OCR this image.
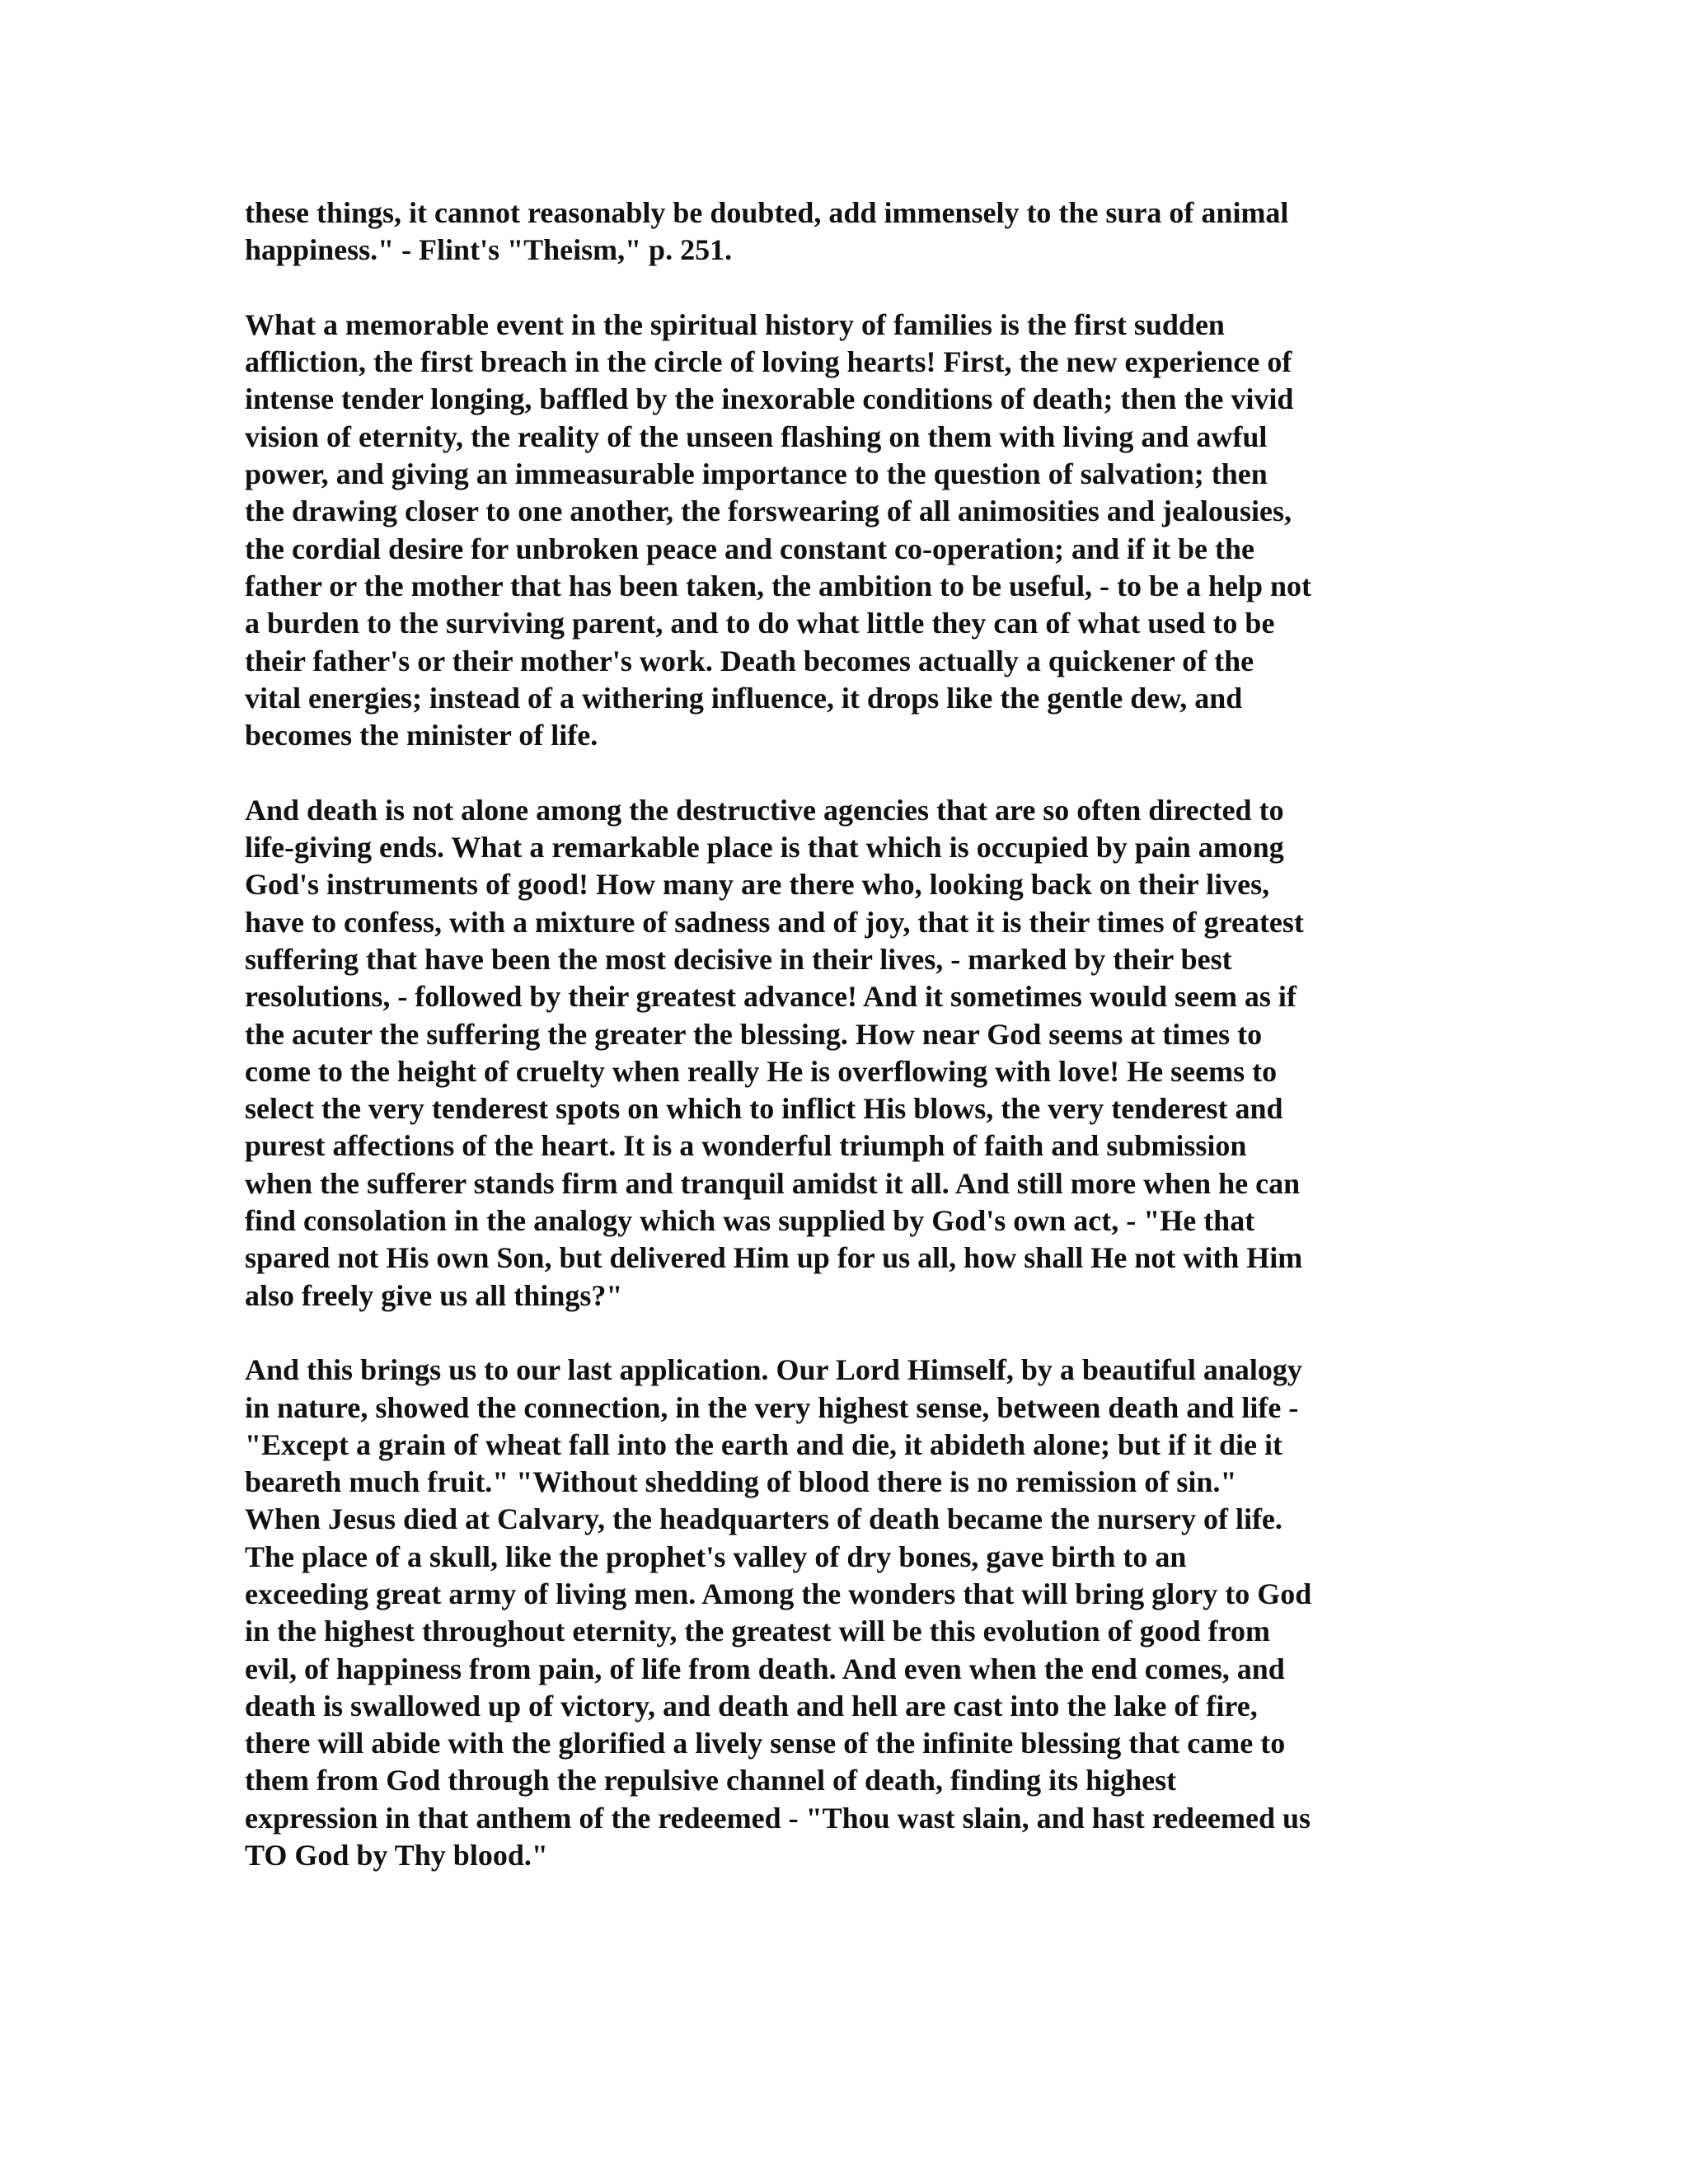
these things, it cannot reasonably be doubted, add immensely to the sura of animal
happiness." - Flint's "Theism," p. 251.

What a memorable event in the spiritual history of families is the first sudden
affliction, the first breach in the circle of loving hearts! First, the new experience of
intense tender longing, baffled by the inexorable conditions of death; then the vivid
vision of eternity, the reality of the unseen flashing on them with living and awful
power, and giving an immeasurable importance to the question of salvation; then
the drawing closer to one another, the forswearing of all animosities and jealousies,
the cordial desire for unbroken peace and constant co-operation; and if it be the
father or the mother that has been taken, the ambition to be useful, - to be a help not
a burden to the surviving parent, and to do what little they can of what used to be
their father's or their mother's work. Death becomes actually a quickener of the
vital energies; instead of a withering influence, it drops like the gentle dew, and
becomes the minister of life.

And death is not alone among the destructive agencies that are so often directed to
life-giving ends. What a remarkable place is that which is occupied by pain among
God's instruments of good! How many are there who, looking back on their lives,
have to confess, with a mixture of sadness and of joy, that it is their times of greatest
suffering that have been the most decisive in their lives, - marked by their best
resolutions, - followed by their greatest advance! And it sometimes would seem as if
the acuter the suffering the greater the blessing. How near God seems at times to
come to the height of cruelty when really He is overflowing with love! He seems to
select the very tenderest spots on which to inflict His blows, the very tenderest and
purest affections of the heart. It is a wonderful triumph of faith and submission
when the sufferer stands firm and tranquil amidst it all. And still more when he can
find consolation in the analogy which was supplied by God's own act, - "He that
spared not His own Son, but delivered Him up for us all, how shall He not with Him
also freely give us all things?"

And this brings us to our last application. Our Lord Himself, by a beautiful analogy
in nature, showed the connection, in the very highest sense, between death and life -
"Except a grain of wheat fall into the earth and die, it abideth alone; but if it die it
beareth much fruit." "Without shedding of blood there is no remission of sin."
When Jesus died at Calvary, the headquarters of death became the nursery of life.
The place of a skull, like the prophet's valley of dry bones, gave birth to an
exceeding great army of living men. Among the wonders that will bring glory to God
in the highest throughout eternity, the greatest will be this evolution of good from
evil, of happiness from pain, of life from death. And even when the end comes, and
death is swallowed up of victory, and death and hell are cast into the lake of fire,
there will abide with the glorified a lively sense of the infinite blessing that came to
them from God through the repulsive channel of death, finding its highest
expression in that anthem of the redeemed - "Thou wast slain, and hast redeemed us
TO God by Thy blood."
